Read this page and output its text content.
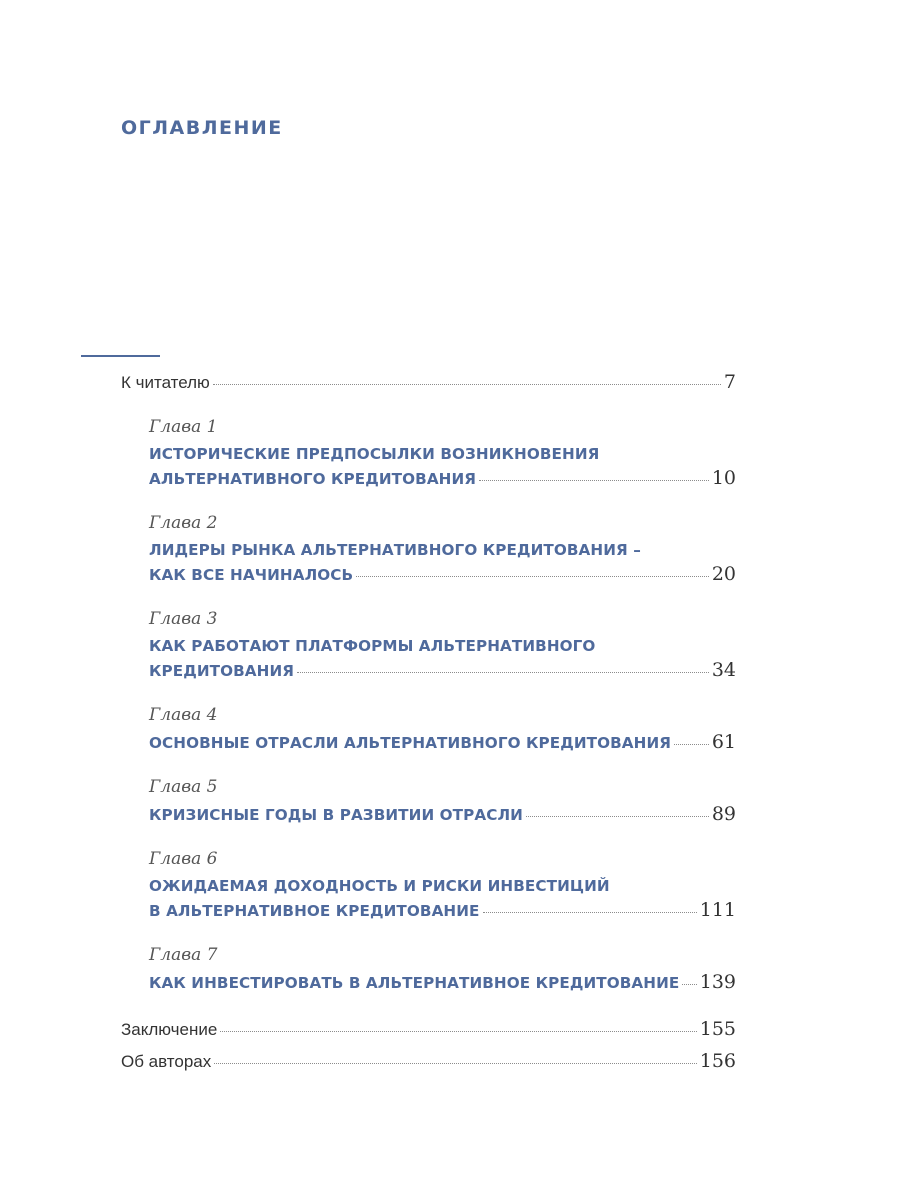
ОГЛАВЛЕНИЕ
К читателю	7
Глава 1
ИСТОРИЧЕСКИЕ ПРЕДПОСЫЛКИ ВОЗНИКНОВЕНИЯ
АЛЬТЕРНАТИВНОГО КРЕДИТОВАНИЯ	10
Глава 2
ЛИДЕРЫ РЫНКА АЛЬТЕРНАТИВНОГО КРЕДИТОВАНИЯ –
КАК ВСЕ НАЧИНАЛОСЬ	20
Глава 3
КАК РАБОТАЮТ ПЛАТФОРМЫ АЛЬТЕРНАТИВНОГО
КРЕДИТОВАНИЯ	34
Глава 4
ОСНОВНЫЕ ОТРАСЛИ АЛЬТЕРНАТИВНОГО КРЕДИТОВАНИЯ 61
Глава 5
КРИЗИСНЫЕ ГОДЫ В РАЗВИТИИ ОТРАСЛИ	89
Глава 6
ОЖИДАЕМАЯ ДОХОДНОСТЬ И РИСКИ ИНВЕСТИЦИЙ
В АЛЬТЕРНАТИВНОЕ КРЕДИТОВАНИЕ	111
Глава 7
КАК ИНВЕСТИРОВАТЬ В АЛЬТЕРНАТИВНОЕ КРЕДИТОВАНИЕ 139
Заключение	155
Об авторах	156
